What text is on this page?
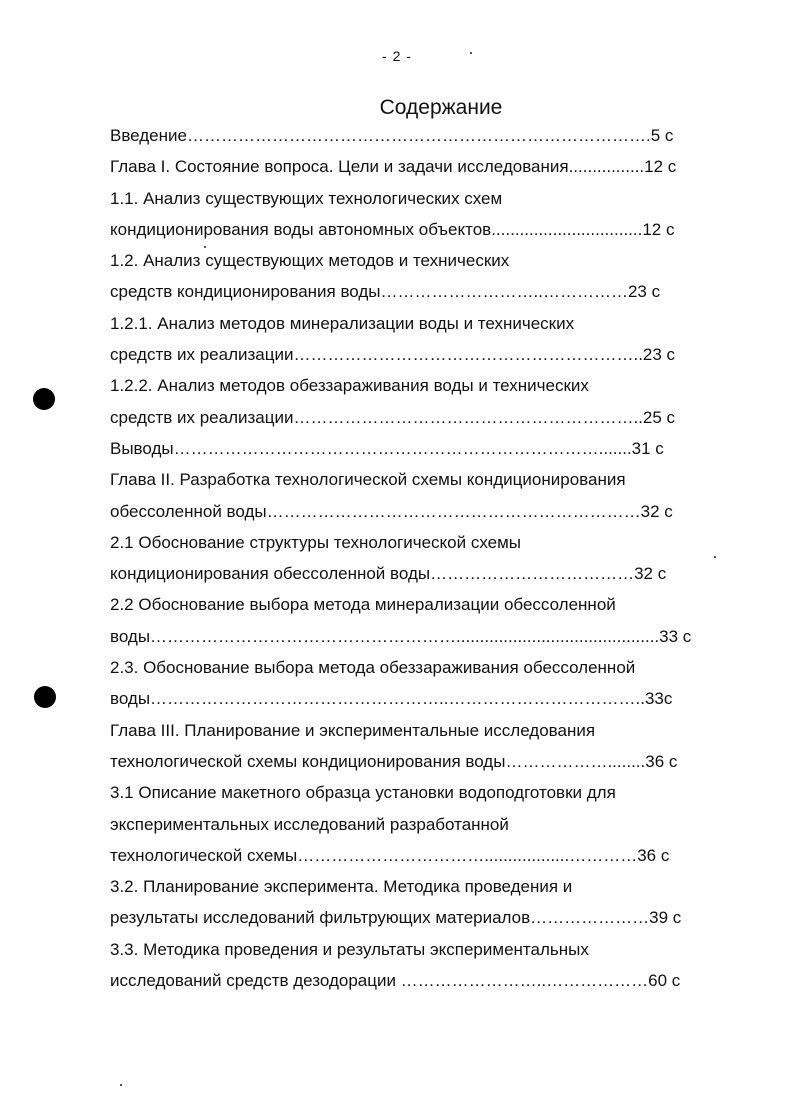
- 2 -
Содержание
Введение……………………………………………………………………….5 с
Глава I. Состояние вопроса. Цели и задачи исследования................12 с
1.1. Анализ существующих технологических схем
кондиционирования воды автономных объектов................................12 с
1.2. Анализ существующих методов и технических
средств кондиционирования воды………………………..……………23 с
1.2.1. Анализ методов минерализации воды и технических
средств их реализации……………………………………………………..23 с
1.2.2. Анализ методов обеззараживания воды и технических
средств их реализации……………………………………………………..25 с
Выводы………………………………………………………………….......31 с
Глава II. Разработка технологической схемы кондиционирования
обессоленной воды…………………………………………………………32 с
2.1 Обоснование структуры технологической схемы
кондиционирования обессоленной воды………………………………32 с
2.2 Обоснование выбора метода минерализации обессоленной
воды………………………………………………...........................................33 с
2.3. Обоснование выбора метода обеззараживания обессоленной
воды……………………………………………..……………………………..33с
Глава III. Планирование и экспериментальные исследования
технологической схемы кондиционирования воды………………........36 с
3.1 Описание макетного образца установки водоподготовки для
экспериментальных исследований разработанной
технологической схемы……………………………..................…………36 с
3.2. Планирование эксперимента. Методика проведения и
результаты исследований фильтрующих материалов…………………39 с
3.3. Методика проведения и результаты экспериментальных
исследований средств дезодорации ……………………..………………60 с
